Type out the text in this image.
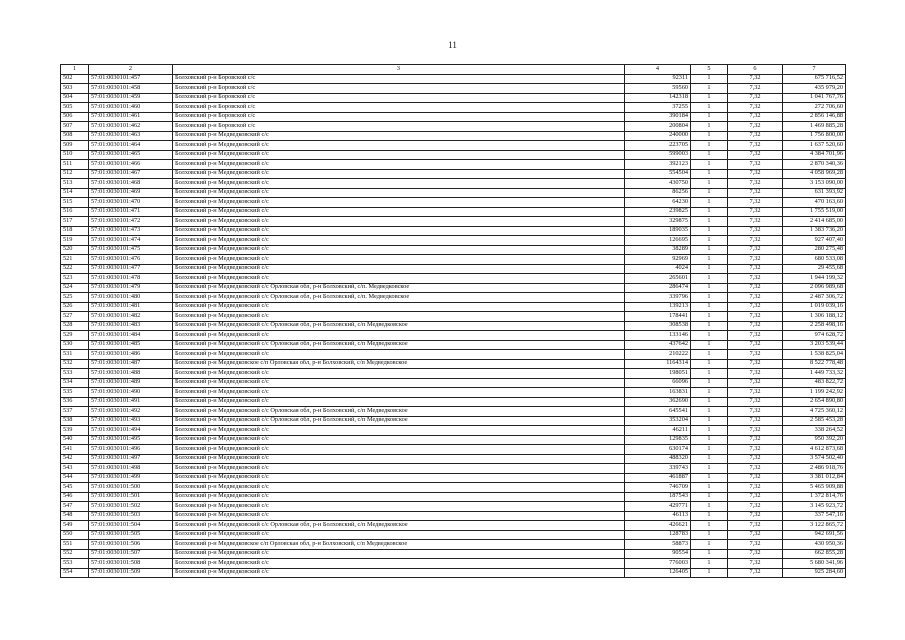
11
1	2	3	4	5	6	7
502	57:01:0030101:457	Болховский р-н Боровской с/с	92311	1	7,32	675 716,52
503	57:01:0030101:458	Болховский р-н Боровской с/с	59560	1	7,32	435 979,20
504	57:01:0030101:459	Болховский р-н Боровской с/с	142318	1	7,32	1 041 767,76
505	57:01:0030101:460	Болховский р-н Боровской с/с	37255	1	7,32	272 706,60
506	57:01:0030101:461	Болховский р-н Боровской с/с	390184	1	7,32	2 856 146,88
507	57:01:0030101:462	Болховский р-н Боровской с/с	200804	1	7,32	1 469 885,28
508	57:01:0030101:463	Болховский р-н Медведковский с/с	240000	1	7,32	1 756 800,00
509	57:01:0030101:464	Болховский р-н Медведковский с/с	223705	1	7,32	1 637 520,60
510	57:01:0030101:465	Болховский р-н Медведковский с/с	599003	1	7,32	4 384 701,96
511	57:01:0030101:466	Болховский р-н Медведковский с/с	392123	1	7,32	2 870 340,36
512	57:01:0030101:467	Болховский р-н Медведковский с/с	554504	1	7,32	4 058 969,28
513	57:01:0030101:468	Болховский р-н Медведковский с/с	430750	1	7,32	3 153 090,00
514	57:01:0030101:469	Болховский р-н Медведковский с/с	86256	1	7,32	631 393,92
515	57:01:0030101:470	Болховский р-н Медведковский с/с	64230	1	7,32	470 163,60
516	57:01:0030101:471	Болховский р-н Медведковский с/с	239825	1	7,32	1 755 519,00
517	57:01:0030101:472	Болховский р-н Медведковский с/с	329875	1	7,32	2 414 685,00
518	57:01:0030101:473	Болховский р-н Медведковский с/с	189035	1	7,32	1 383 736,20
519	57:01:0030101:474	Болховский р-н Медведковский с/с	126695	1	7,32	927 407,40
520	57:01:0030101:475	Болховский р-н Медведковский с/с	38289	1	7,32	280 275,48
521	57:01:0030101:476	Болховский р-н Медведковский с/с	92969	1	7,32	680 533,08
522	57:01:0030101:477	Болховский р-н Медведковский с/с	4024	1	7,32	29 455,68
523	57:01:0030101:478	Болховский р-н Медведковский с/с	265601	1	7,32	1 944 199,32
524	57:01:0030101:479	Болховский р-н Медведковский с/с Орловская обл, р-н Болховский, с/п. Медведковское	286474	1	7,32	2 096 989,68
525	57:01:0030101:480	Болховский р-н Медведковский с/с Орловская обл, р-н Болховский, с/п. Медведковское	339796	1	7,32	2 487 306,72
526	57:01:0030101:481	Болховский р-н Медведковский с/с	139213	1	7,32	1 019 039,16
527	57:01:0030101:482	Болховский р-н Медведковский с/с	178441	1	7,32	1 306 188,12
528	57:01:0030101:483	Болховский р-н Медведковский с/с Орловская обл, р-н Болховский, с/п Медведковское	308538	1	7,32	2 258 498,16
529	57:01:0030101:484	Болховский р-н Медведковский с/с	133146	1	7,32	974 628,72
530	57:01:0030101:485	Болховский р-н Медведковский с/с Орловская обл, р-н Болховский, с/п Медведковское	437642	1	7,32	3 203 539,44
531	57:01:0030101:486	Болховский р-н Медведковский с/с	210222	1	7,32	1 538 825,04
532	57:01:0030101:487	Болховский р-н Медведковское с/п Орловская обл, р-н Болховский, с/п Медведковское	1164314	1	7,32	8 522 778,48
533	57:01:0030101:488	Болховский р-н Медведковский с/с	198051	1	7,32	1 449 733,32
534	57:01:0030101:489	Болховский р-н Медведковский с/с	66096	1	7,32	483 822,72
535	57:01:0030101:490	Болховский р-н Медведковский с/с	163831	1	7,32	1 199 242,92
536	57:01:0030101:491	Болховский р-н Медведковский с/с	362690	1	7,32	2 654 890,80
537	57:01:0030101:492	Болховский р-н Медведковский с/с Орловская обл, р-н Болховский, с/п Медведковское	645541	1	7,32	4 725 360,12
538	57:01:0030101:493	Болховский р-н Медведковский с/с Орловская обл, р-н Болховский, с/п Медведковское	353204	1	7,32	2 585 453,28
539	57:01:0030101:494	Болховский р-н Медведковский с/с	46211	1	7,32	338 264,52
540	57:01:0030101:495	Болховский р-н Медведковский с/с	129835	1	7,32	950 392,20
541	57:01:0030101:496	Болховский р-н Медведковский с/с	630174	1	7,32	4 612 873,68
542	57:01:0030101:497	Болховский р-н Медведковский с/с	488320	1	7,32	3 574 502,40
543	57:01:0030101:498	Болховский р-н Медведковский с/с	339743	1	7,32	2 486 918,76
544	57:01:0030101:499	Болховский р-н Медведковский с/с	461887	1	7,32	3 381 012,84
545	57:01:0030101:500	Болховский р-н Медведковский с/с	746709	1	7,32	5 465 909,88
546	57:01:0030101:501	Болховский р-н Медведковский с/с	187543	1	7,32	1 372 814,76
547	57:01:0030101:502	Болховский р-н Медведковский с/с	429771	1	7,32	3 145 923,72
548	57:01:0030101:503	Болховский р-н Медведковский с/с	46113	1	7,32	337 547,16
549	57:01:0030101:504	Болховский р-н Медведковский с/с Орловская обл, р-н Болховский, с/п Медведковское	426621	1	7,32	3 122 865,72
550	57:01:0030101:505	Болховский р-н Медведковский с/с	128783	1	7,32	942 691,56
551	57:01:0030101:506	Болховский р-н Медведковское с/п Орловская обл, р-н Болховский, с/п Медведковское	58873	1	7,32	430 950,36
552	57:01:0030101:507	Болховский р-н Медведковский с/с	90554	1	7,32	662 855,28
553	57:01:0030101:508	Болховский р-н Медведковский с/с	776003	1	7,32	5 680 341,96
554	57:01:0030101:509	Болховский р-н Медведковский с/с	126405	1	7,32	925 284,60
